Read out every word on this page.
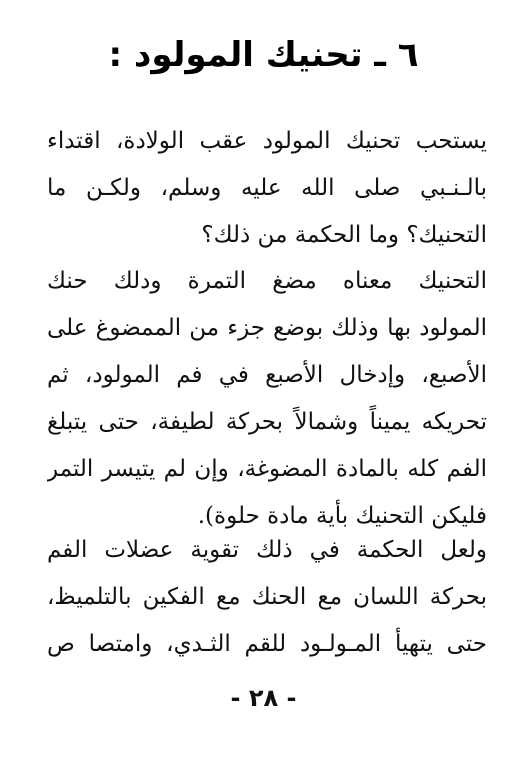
٦ ـ تحنيك المولود :
يستحب تحنيك المولود عقب الولادة، اقتداء
بالـنـبي صلى الله عليه وسلم، ولكـن ما
التحنيك؟ وما الحكمة من ذلك؟
التحنيك معناه مضغ التمرة ودلك حنك
المولود بها وذلك بوضع جزء من الممضوغ على
الأصبع، وإدخال الأصبع في فم المولود، ثم
تحريكه يميناً وشمالاً بحركة لطيفة، حتى يتبلغ
الفم كله بالمادة المضوغة، وإن لم يتيسر التمر
فليكن التحنيك بأية مادة حلوة).
ولعل الحكمة في ذلك تقوية عضلات الفم
بحركة اللسان مع الحنك مع الفكين بالتلميظ،
حتى يتهيأ المـولـود للقم الثـدي، وامتصا ص
- ٢٨ -
